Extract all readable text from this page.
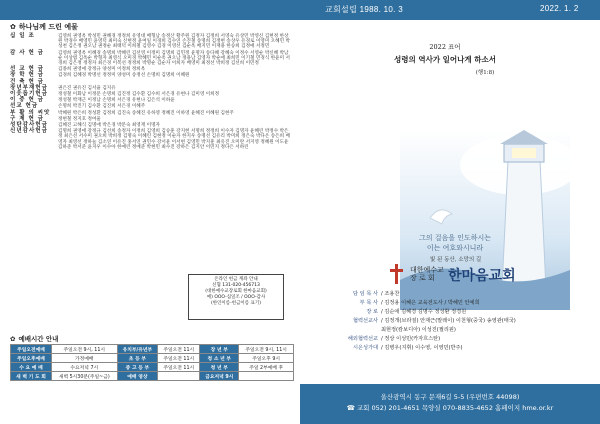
교회설립 1988. 10. 3	2022. 1. 2
✿ 하나님께 드린 예물
십 일 조	김영희 권영옥 박성민 권혜경 정정희 유영대 배형남 송정산 황주원 김정자 김정희 서영숙 유상민 박영신 김현정 한상원 박경수 배영민 윤영덕 최미숙 신현정 윤여일 이경희 김수연 손진철 송명희 김정현 송상우 유경로 이영미 오혜민 박성천 김은정 권오남 권정순 최태덕 이희철 김영수 김경 이영선 김순옥 배지민 이재용 한승희 김정애 서정민
감 사 헌 금	김영희 권영옥 이혜경 송명희 박혜린 김선영 이정미 김명희 김민정 윤명자 송다혜 강혜숙 이정수 서영순 박신혜 박남순 이상범 김옥순 박형자 최영식 오미경 박혜민 이순옥 권오남 정용남 김영자 박순애 최희민 이기철 민경식 한윤미 서경희 김은정 정정자 최은경 이복선 정정희 박명순 김순자 이희자 배영미 최정선 박희정 김선희 이민정
선 교 헌 금	김종희 권영애 강정규 양성미 이정희 정희옥
장 학 헌 금	김경희 김혜경 박명선 정정미 양성미 송정선 손명희 김명희 이혜원
건 축 헌 금
장년부재헌금	권은진 권유진 김서율 김지유
이웃돕기헌금	정성철 이화남 이정문 손명희 김진정 김수환 김수희 서은경 유현나 김미영 이희정
이 중 헌 금	정성철 박재근 이정남 손명희 서은경 유현나 김은석 이하윤
선교 헌금	손명희 박진기 김수환 김진희 서은경 이혜주
부 활 의 씨앗	박혜원 박은희 정성환 김정희 김진숙 송혜진 유하영 정혜진 이하영 윤혜진 이혜원 김현주
구 제 헌 금	정현철 정지호 정여울
성탄감사헌금	김혜진 고해식 김명애 박은경 박문숙 최영재 이명자
신년감사헌금	김명희 권영애 강정규 김선희 송정자 이정희 김영희 김승훈 강지현 서명희 정정희 이수자 김명자 윤혜린 박정수 박은정 최은선 서수미 권오희 박희정 김명숙 이혜린 김현정 이순자 한지우 송명선 김유리 박미희 정은숙 박다온 송은희 배영자 최영선 정하늘 김소연 이유진 홍서연 권민수 강서윤 이서현 김영민 박지훈 최유진 오미란 서지영 정혜원 이도윤 김하준 박서준 윤지우 이수아 한예린 정예준 박현민 최수진 강하은 김지안 이민지 정다은 서하린
온라인 헌금 계좌 안내
신협 131-020-456713
(대한예수교장로회 한마음교회)
예) OOO-십일조 / OOO-감사
(한인이름-헌금이름 표기)
✿ 예배시간 안내
주일오전예배	주일오전 9시, 11시	유치부/유년부	주일오전 11시	장 년 부	주일오전 9시, 11시
주일오후예배	가정예배	초 등 부	주일오전 11시	청 소 년 부	주일오후 9시
수 요 예 배	수요저녁 7시	중 고 등 부	주일오전 11시	청 년 부	주일 2부예배 후
새 벽 기 도 회	새벽 5시30분(주일~금)	예배 영상		금요저녁 9시	
2022 표어
성령의 역사가 일어나게 하소서
(행1:8)
그의 걸음을 인도하시는
이는 여호와시니라
빛 된 동산, 소망의 길
대한예수교
장 로 회 한마음교회
담 임 목 사 / 조용찬
부 목 사 / 김정용 이혜은 교육전도사 / 박혜민 안예희
장 로 / 김순애 김혜경 김명수 정성환 정경원
협력선교사 / 김정개(브라질) 안재근(말레이) 이천형(중국) 송영관(태국)
최현정(캄보디아) 이성진(필리핀)
해외협력선교 / 정상 이성민(카자흐스탄)
시온성가대 / 김병우(지휘) 이수영, 이영민(반주)
울산광역시 동구 문재6길 5-5 (우편번호 44098)
☎ 교회 052) 201-4651 목양실 070-8835-4652 홈페이지 hme.or.kr
